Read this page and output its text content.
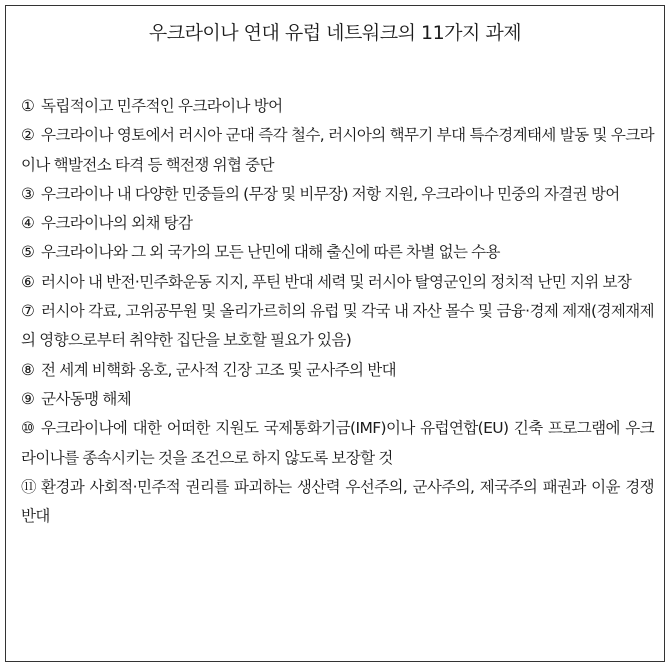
우크라이나 연대 유럽 네트워크의 11가지 과제
① 독립적이고 민주적인 우크라이나 방어
② 우크라이나 영토에서 러시아 군대 즉각 철수, 러시아의 핵무기 부대 특수경계태세 발동 및 우크라이나 핵발전소 타격 등 핵전쟁 위협 중단
③ 우크라이나 내 다양한 민중들의 (무장 및 비무장) 저항 지원, 우크라이나 민중의 자결권 방어
④ 우크라이나의 외채 탕감
⑤ 우크라이나와 그 외 국가의 모든 난민에 대해 출신에 따른 차별 없는 수용
⑥ 러시아 내 반전·민주화운동 지지, 푸틴 반대 세력 및 러시아 탈영군인의 정치적 난민 지위 보장
⑦ 러시아 각료, 고위공무원 및 올리가르히의 유럽 및 각국 내 자산 몰수 및 금융·경제 제재(경제재제의 영향으로부터 취약한 집단을 보호할 필요가 있음)
⑧ 전 세계 비핵화 옹호, 군사적 긴장 고조 및 군사주의 반대
⑨ 군사동맹 해체
⑩ 우크라이나에 대한 어떠한 지원도 국제통화기금(IMF)이나 유럽연합(EU) 긴축 프로그램에 우크라이나를 종속시키는 것을 조건으로 하지 않도록 보장할 것
⑪ 환경과 사회적·민주적 권리를 파괴하는 생산력 우선주의, 군사주의, 제국주의 패권과 이윤 경쟁 반대
